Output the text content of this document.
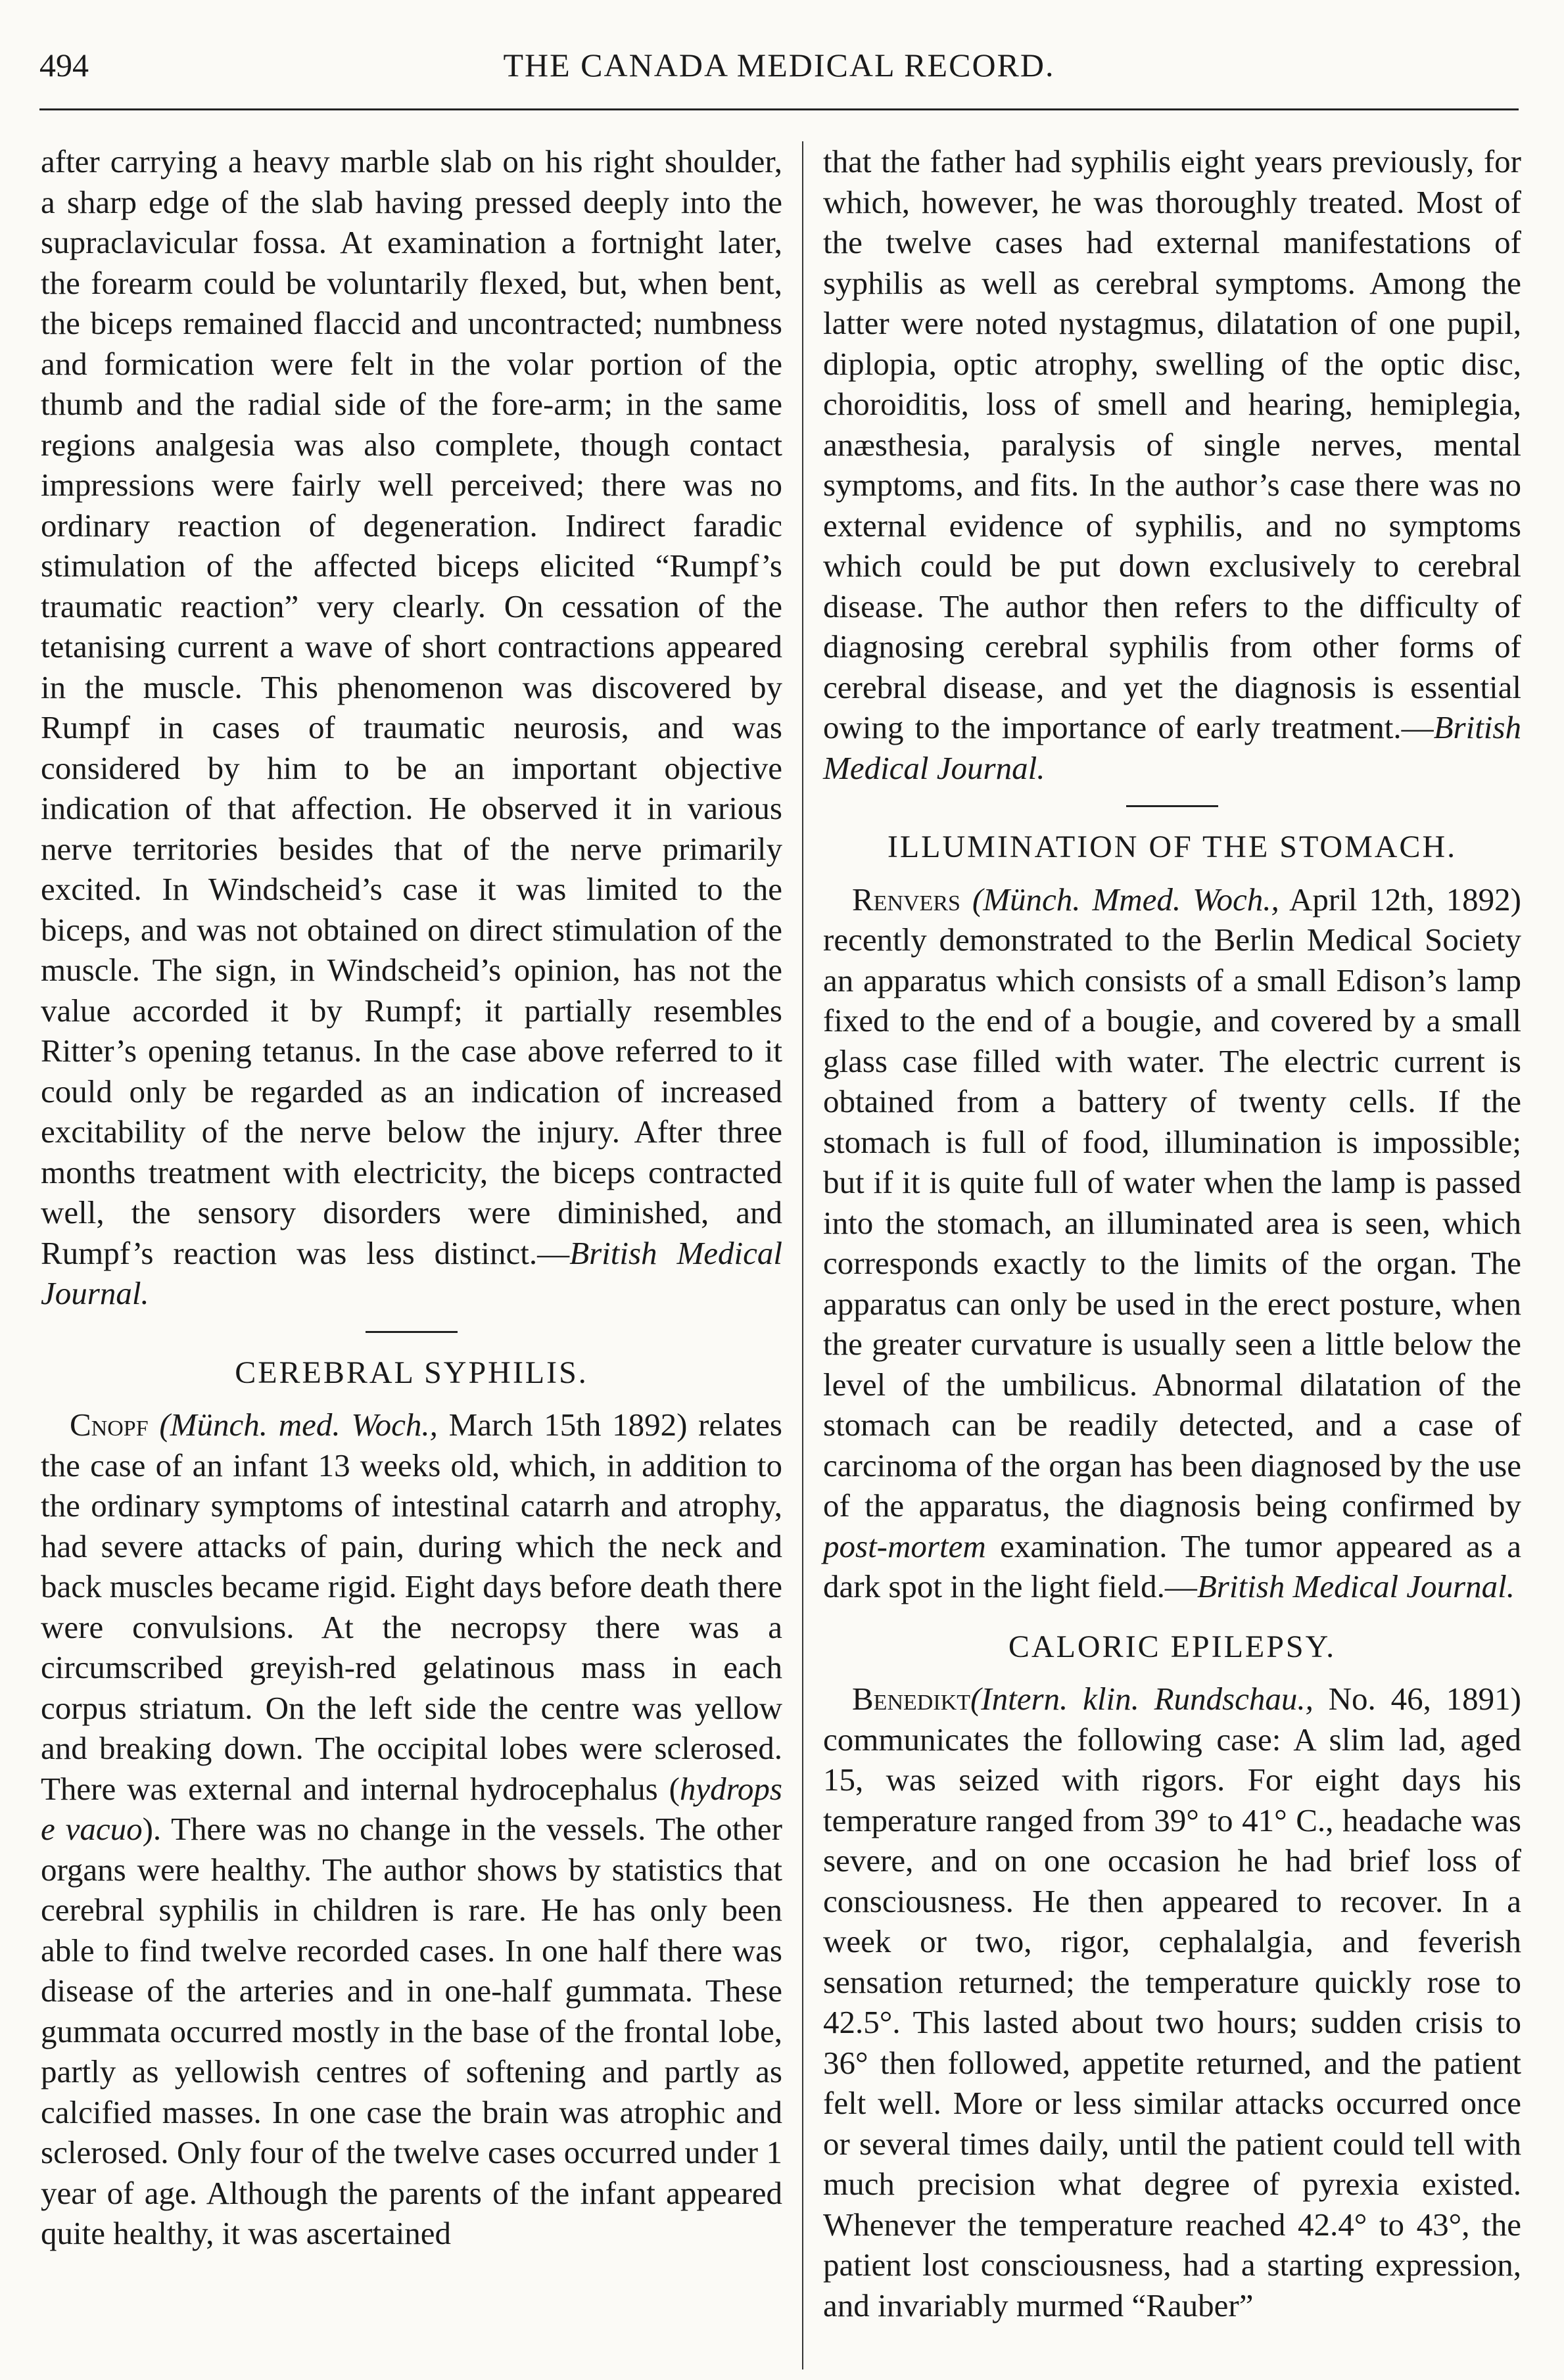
494	THE CANADA MEDICAL RECORD.

after carrying a heavy marble slab on his right shoulder, a sharp edge of the slab having pressed deeply into the supraclavicular fossa. At examination a fortnight later, the forearm could be voluntarily flexed, but, when bent, the biceps remained flaccid and uncontracted; numbness and formication were felt in the volar portion of the thumb and the radial side of the fore-arm; in the same regions analgesia was also complete, though contact impressions were fairly well perceived; there was no ordinary reaction of degeneration. Indirect faradic stimulation of the affected biceps elicited “Rumpf’s traumatic reaction” very clearly. On cessation of the tetanising current a wave of short contractions appeared in the muscle. This phenomenon was discovered by Rumpf in cases of traumatic neurosis, and was considered by him to be an important objective indication of that affection. He observed it in various nerve territories besides that of the nerve primarily excited. In Windscheid’s case it was limited to the biceps, and was not obtained on direct stimulation of the muscle. The sign, in Windscheid’s opinion, has not the value accorded it by Rumpf; it partially resembles Ritter’s opening tetanus. In the case above referred to it could only be regarded as an indication of increased excitability of the nerve below the injury. After three months treatment with electricity, the biceps contracted well, the sensory disorders were diminished, and Rumpf’s reaction was less distinct.—British Medical Journal.

CEREBRAL SYPHILIS.

Cnopf (Münch. med. Woch., March 15th 1892) relates the case of an infant 13 weeks old, which, in addition to the ordinary symptoms of intestinal catarrh and atrophy, had severe attacks of pain, during which the neck and back muscles became rigid. Eight days before death there were convulsions. At the necropsy there was a circumscribed greyish-red gelatinous mass in each corpus striatum. On the left side the centre was yellow and breaking down. The occipital lobes were sclerosed. There was external and internal hydrocephalus (hydrops e vacuo). There was no change in the vessels. The other organs were healthy. The author shows by statistics that cerebral syphilis in children is rare. He has only been able to find twelve recorded cases. In one half there was disease of the arteries and in one-half gummata. These gummata occurred mostly in the base of the frontal lobe, partly as yellowish centres of softening and partly as calcified masses. In one case the brain was atrophic and sclerosed. Only four of the twelve cases occurred under 1 year of age. Although the parents of the infant appeared quite healthy, it was ascertained

that the father had syphilis eight years previously, for which, however, he was thoroughly treated. Most of the twelve cases had external manifestations of syphilis as well as cerebral symptoms. Among the latter were noted nystagmus, dilatation of one pupil, diplopia, optic atrophy, swelling of the optic disc, choroiditis, loss of smell and hearing, hemiplegia, anæsthesia, paralysis of single nerves, mental symptoms, and fits. In the author’s case there was no external evidence of syphilis, and no symptoms which could be put down exclusively to cerebral disease. The author then refers to the difficulty of diagnosing cerebral syphilis from other forms of cerebral disease, and yet the diagnosis is essential owing to the importance of early treatment.—British Medical Journal.

ILLUMINATION OF THE STOMACH.

Renvers (Münch. Mmed. Woch., April 12th, 1892) recently demonstrated to the Berlin Medical Society an apparatus which consists of a small Edison’s lamp fixed to the end of a bougie, and covered by a small glass case filled with water. The electric current is obtained from a battery of twenty cells. If the stomach is full of food, illumination is impossible; but if it is quite full of water when the lamp is passed into the stomach, an illuminated area is seen, which corresponds exactly to the limits of the organ. The apparatus can only be used in the erect posture, when the greater curvature is usually seen a little below the level of the umbilicus. Abnormal dilatation of the stomach can be readily detected, and a case of carcinoma of the organ has been diagnosed by the use of the apparatus, the diagnosis being confirmed by post-mortem examination. The tumor appeared as a dark spot in the light field.—British Medical Journal.

CALORIC EPILEPSY.

Benedikt(Intern. klin. Rundschau., No. 46, 1891) communicates the following case: A slim lad, aged 15, was seized with rigors. For eight days his temperature ranged from 39° to 41° C., headache was severe, and on one occasion he had brief loss of consciousness. He then appeared to recover. In a week or two, rigor, cephalalgia, and feverish sensation returned; the temperature quickly rose to 42.5°. This lasted about two hours; sudden crisis to 36° then followed, appetite returned, and the patient felt well. More or less similar attacks occurred once or several times daily, until the patient could tell with much precision what degree of pyrexia existed. Whenever the temperature reached 42.4° to 43°, the patient lost consciousness, had a starting expression, and invariably murmed “Rauber”
